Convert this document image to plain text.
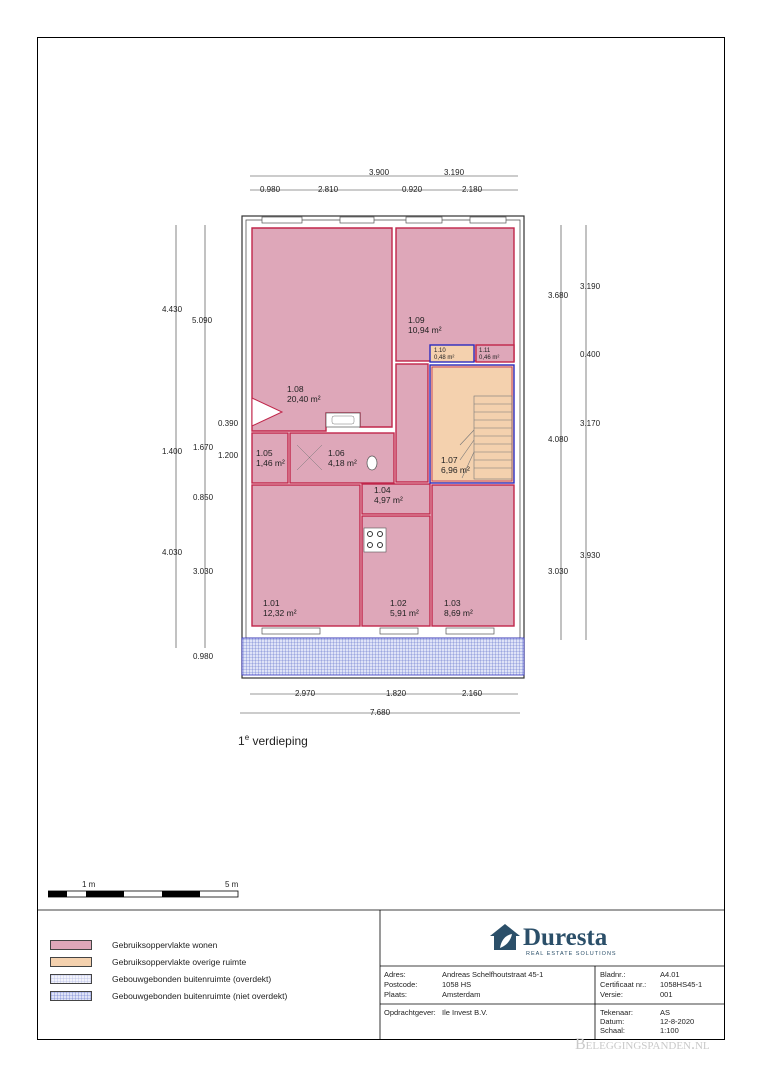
3.900	3.190
0.980	2.810	0.920	2.180
2.970	1.820	2.160
7.680
4.430
1.400
4.030
0.980
5.090
0.390
1.670
1.200
0.850
3.030
3.190
0.400
3.170
3.930
3.680
4.080
3.030
1.08
20,40 m²
1.09
10,94 m²
1.10
0,48 m²
1.11
0,46 m²
1.05
1,46 m²
1.06
4,18 m²	1.07
6,96 m²
1.04
4,97 m²
1.01
12,32 m²
1.02
5,91 m²
1.03
8,69 m²
1e verdieping
1 m	5 m
Gebruiksoppervlakte wonen
Gebruiksoppervlakte overige ruimte
Gebouwgebonden buitenruimte (overdekt)
Gebouwgebonden buitenruimte (niet overdekt)
Duresta
REAL ESTATE SOLUTIONS
Adres:	Andreas Schelfhoutstraat 45-1
Postcode:	1058 HS
Plaats:	Amsterdam
Opdrachtgever: Ile Invest B.V.
Bladnr.:	A4.01
Certificaat nr.: 1058HS45-1
Versie:	001
Tekenaar:	AS
Datum:	12-8-2020
Schaal:	1:100
Beleggingspanden.nl
